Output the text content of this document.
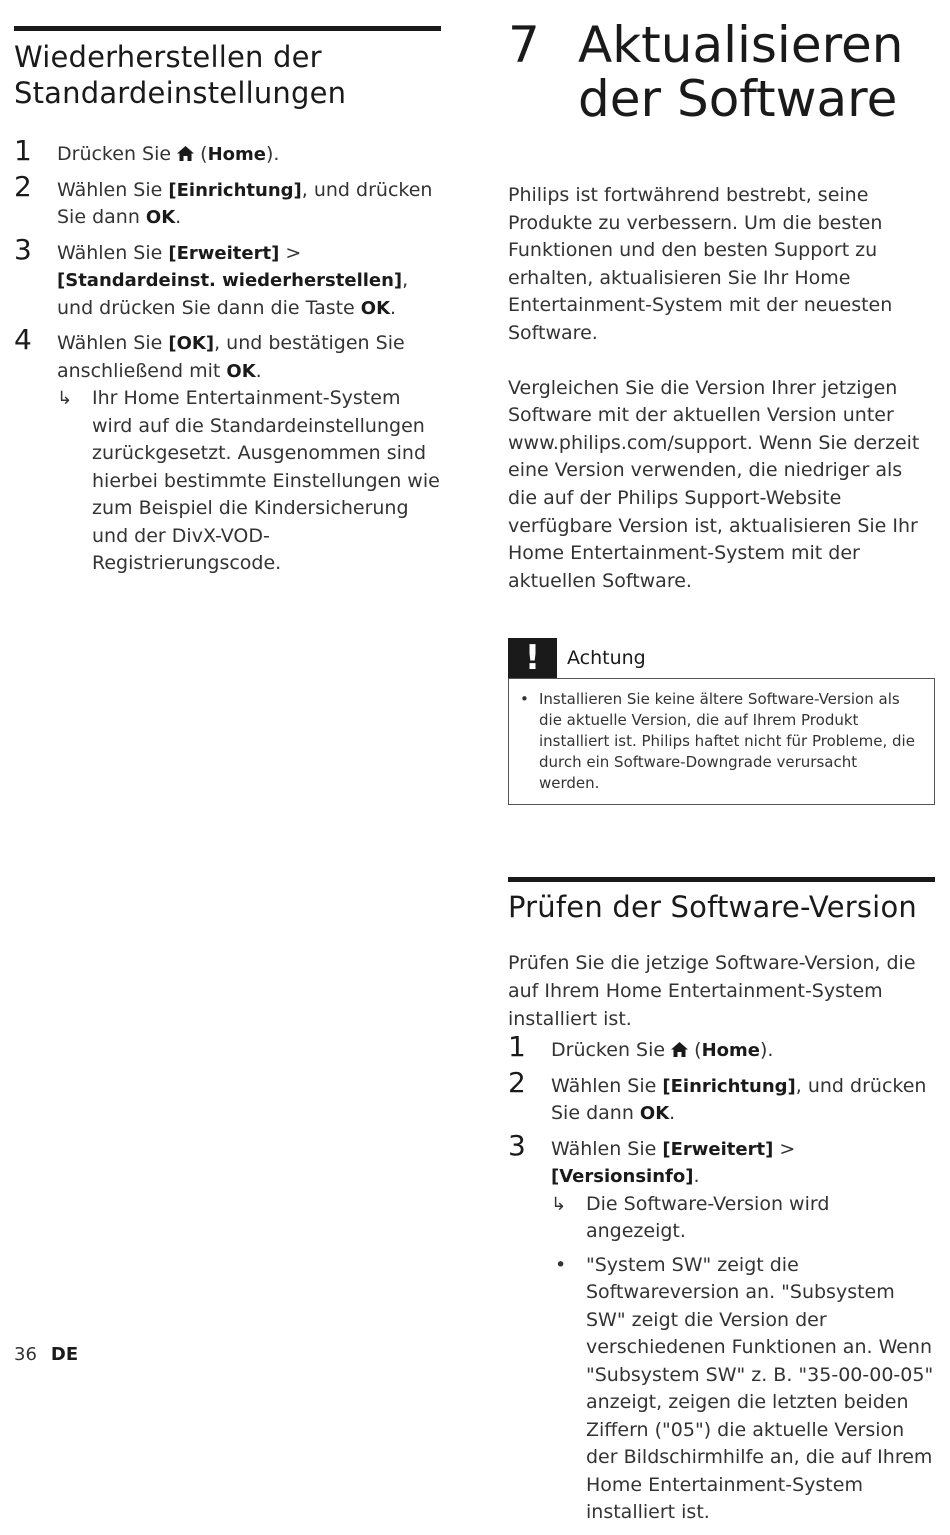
Wiederherstellen der Standardeinstellungen
1 Drücken Sie  (Home).
2 Wählen Sie [Einrichtung], und drücken Sie dann OK.
3 Wählen Sie [Erweitert] > [Standardeinst. wiederherstellen], und drücken Sie dann die Taste OK.
4 Wählen Sie [OK], und bestätigen Sie anschließend mit OK.
↳ Ihr Home Entertainment-System wird auf die Standardeinstellungen zurückgesetzt. Ausgenommen sind hierbei bestimmte Einstellungen wie zum Beispiel die Kindersicherung und der DivX-VOD-Registrierungscode.
7 Aktualisieren
der Software

Philips ist fortwährend bestrebt, seine Produkte zu verbessern. Um die besten Funktionen und den besten Support zu erhalten, aktualisieren Sie Ihr Home Entertainment-System mit der neuesten Software.

Vergleichen Sie die Version Ihrer jetzigen Software mit der aktuellen Version unter www.philips.com/support. Wenn Sie derzeit eine Version verwenden, die niedriger als die auf der Philips Support-Website verfügbare Version ist, aktualisieren Sie Ihr Home Entertainment-System mit der aktuellen Software.

!	Achtung
• Installieren Sie keine ältere Software-Version als die aktuelle Version, die auf Ihrem Produkt installiert ist. Philips haftet nicht für Probleme, die durch ein Software-Downgrade verursacht werden.
Prüfen der Software-Version

Prüfen Sie die jetzige Software-Version, die auf Ihrem Home Entertainment-System installiert ist.

1 Drücken Sie  (Home).
2 Wählen Sie [Einrichtung], und drücken Sie dann OK.
3 Wählen Sie [Erweitert] > [Versionsinfo].
↳ Die Software-Version wird angezeigt.
• "System SW" zeigt die Softwareversion an. "Subsystem SW" zeigt die Version der verschiedenen Funktionen an. Wenn "Subsystem SW" z. B. "35-00-00-05" anzeigt, zeigen die letzten beiden Ziffern ("05") die aktuelle Version der Bildschirmhilfe an, die auf Ihrem Home Entertainment-System installiert ist.
36 DE
